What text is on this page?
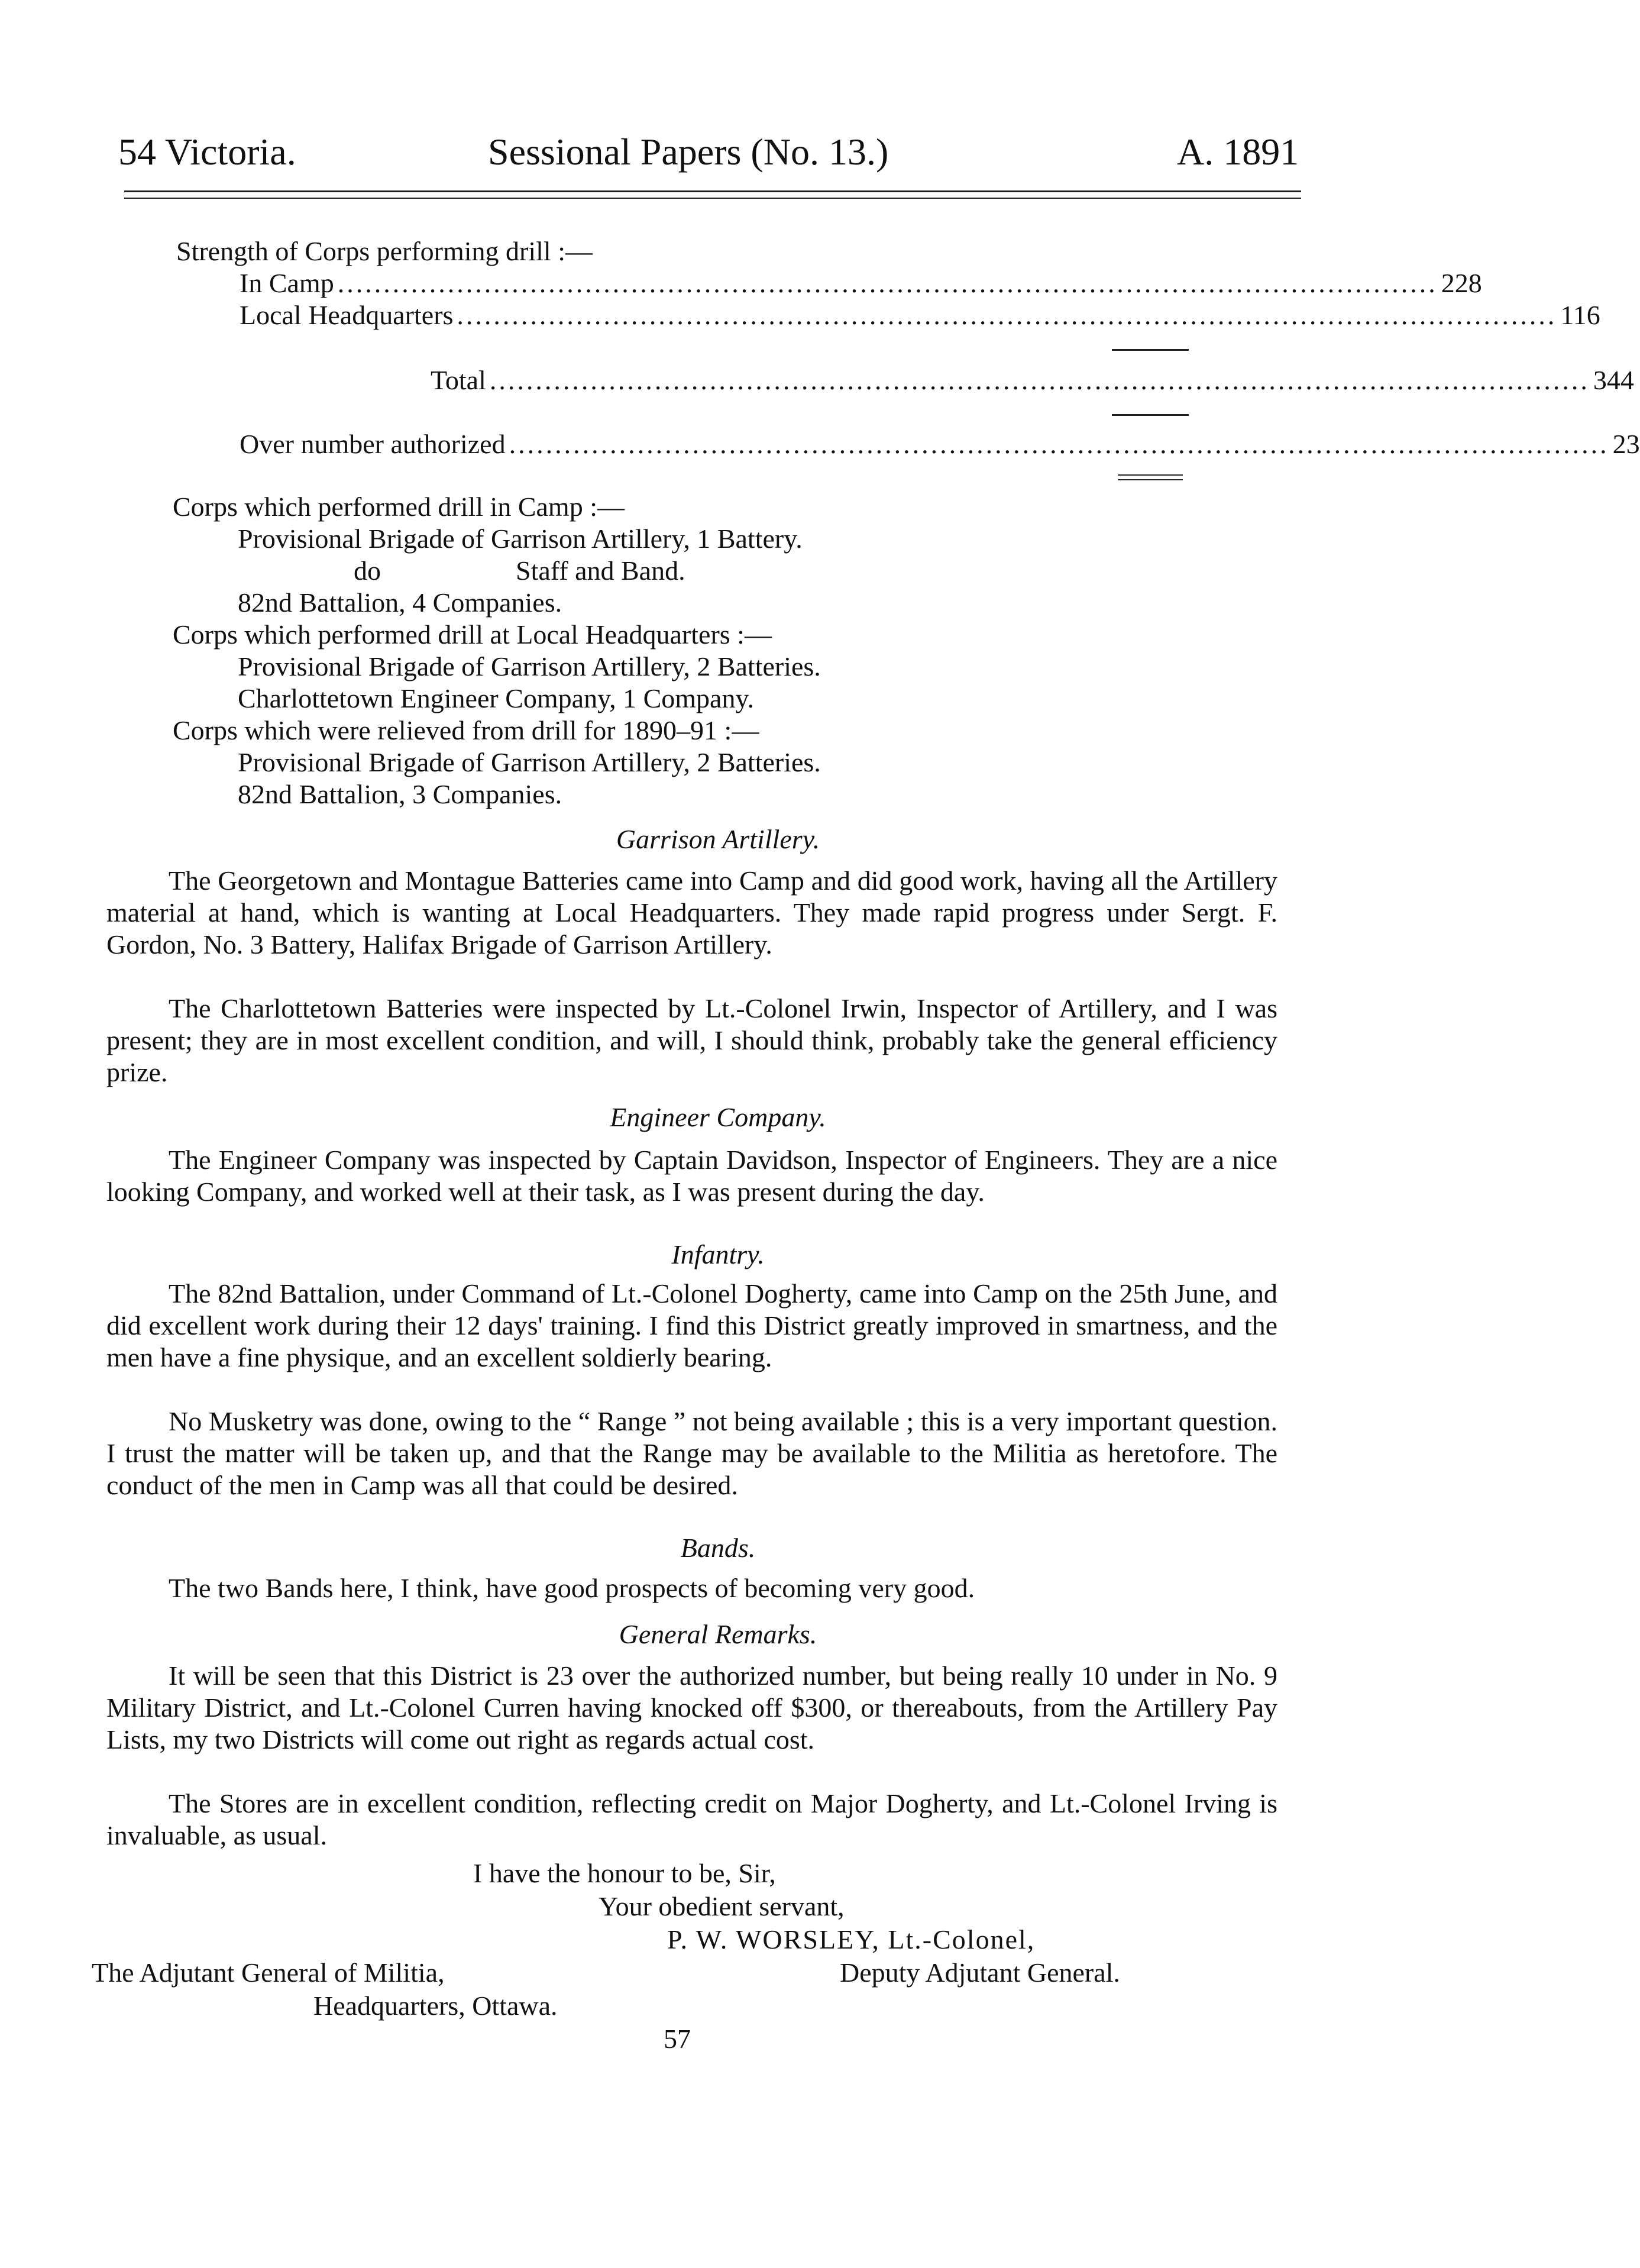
54 Victoria.	Sessional Papers (No. 13.)	A. 1891
Strength of Corps performing drill :—
In Camp ........................................................................................................................ 228
Local Headquarters ........................................................................................................................ 116
Total ........................................................................................................................ 344
Over number authorized ........................................................................................................................ 23
Corps which performed drill in Camp :—
Provisional Brigade of Garrison Artillery, 1 Battery.
do	Staff and Band.
82nd Battalion, 4 Companies.
Corps which performed drill at Local Headquarters :—
Provisional Brigade of Garrison Artillery, 2 Batteries.
Charlottetown Engineer Company, 1 Company.
Corps which were relieved from drill for 1890–91 :—
Provisional Brigade of Garrison Artillery, 2 Batteries.
82nd Battalion, 3 Companies.
Garrison Artillery.
The Georgetown and Montague Batteries came into Camp and did good work, having all the Artillery material at hand, which is wanting at Local Headquarters. They made rapid progress under Sergt. F. Gordon, No. 3 Battery, Halifax Brigade of Garrison Artillery.
The Charlottetown Batteries were inspected by Lt.-Colonel Irwin, Inspector of Artillery, and I was present; they are in most excellent condition, and will, I should think, probably take the general efficiency prize.
Engineer Company.
The Engineer Company was inspected by Captain Davidson, Inspector of Engineers. They are a nice looking Company, and worked well at their task, as I was present during the day.
Infantry.
The 82nd Battalion, under Command of Lt.-Colonel Dogherty, came into Camp on the 25th June, and did excellent work during their 12 days' training. I find this District greatly improved in smartness, and the men have a fine physique, and an excellent soldierly bearing.
No Musketry was done, owing to the “ Range ” not being available ; this is a very important question. I trust the matter will be taken up, and that the Range may be available to the Militia as heretofore. The conduct of the men in Camp was all that could be desired.
Bands.
The two Bands here, I think, have good prospects of becoming very good.
General Remarks.
It will be seen that this District is 23 over the authorized number, but being really 10 under in No. 9 Military District, and Lt.-Colonel Curren having knocked off $300, or thereabouts, from the Artillery Pay Lists, my two Districts will come out right as regards actual cost.
The Stores are in excellent condition, reflecting credit on Major Dogherty, and Lt.-Colonel Irving is invaluable, as usual.
I have the honour to be, Sir,
Your obedient servant,
P. W. WORSLEY, Lt.-Colonel,
Deputy Adjutant General.
The Adjutant General of Militia,
Headquarters, Ottawa.
57
